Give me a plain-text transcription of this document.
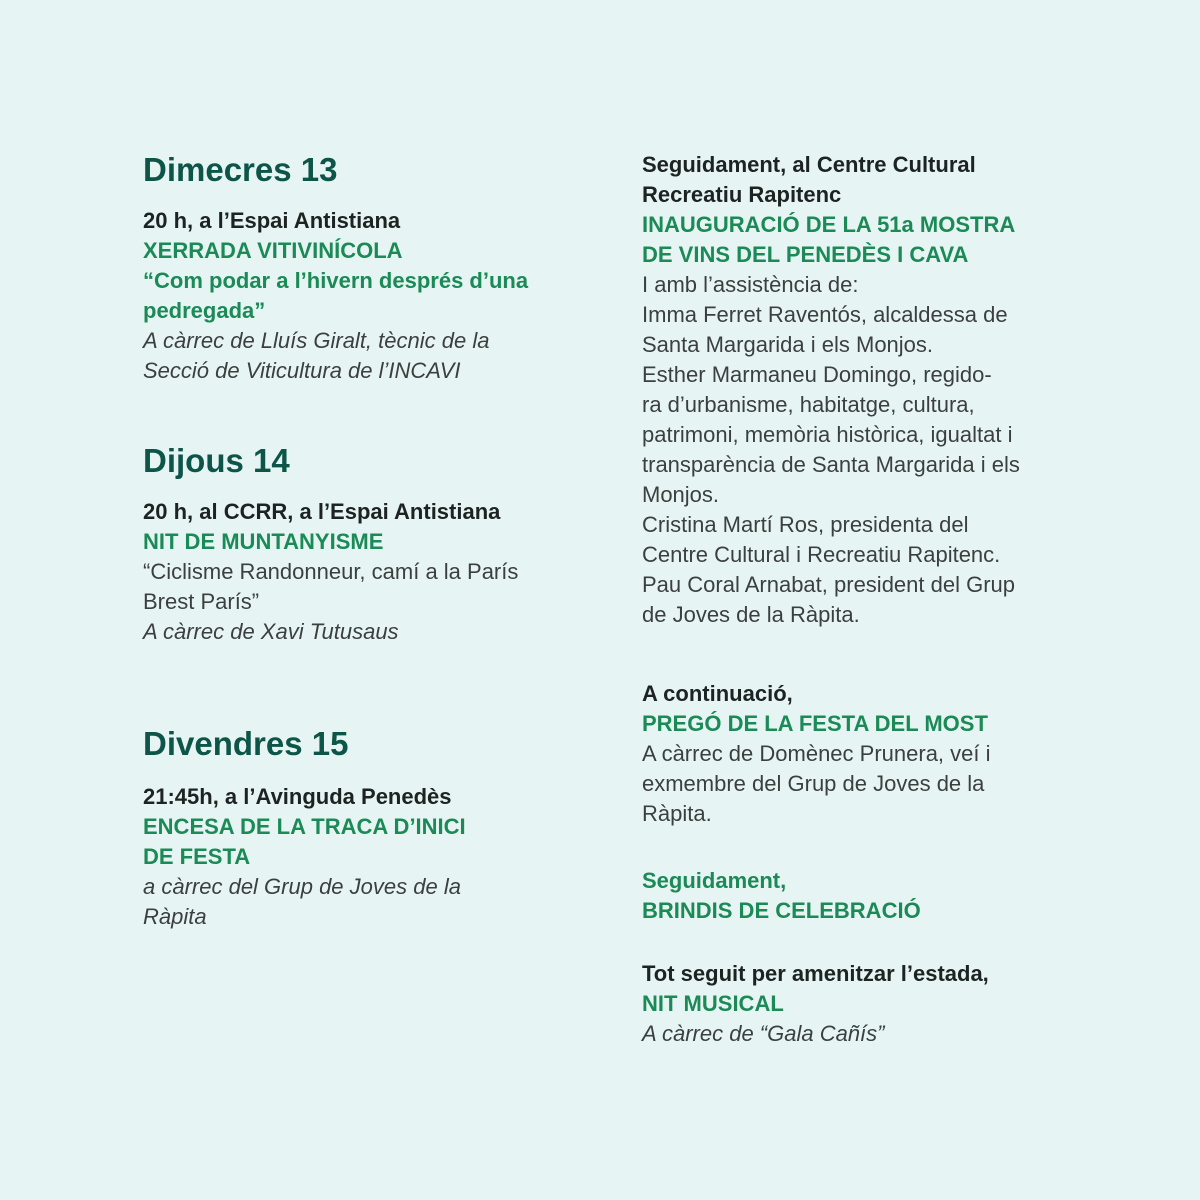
Dimecres 13
20 h, a l’Espai Antistiana
XERRADA VITIVINÍCOLA
“Com podar a l’hivern després d’una
pedregada”
A càrrec de Lluís Giralt, tècnic de la
Secció de Viticultura de l’INCAVI
Dijous 14
20 h, al CCRR, a l’Espai Antistiana
NIT DE MUNTANYISME
“Ciclisme Randonneur, camí a la París
Brest París”
A càrrec de Xavi Tutusaus
Divendres 15
21:45h, a l’Avinguda Penedès
ENCESA DE LA TRACA D’INICI
DE FESTA
a càrrec del Grup de Joves de la
Ràpita
Seguidament, al Centre Cultural
Recreatiu Rapitenc
INAUGURACIÓ DE LA 51a MOSTRA
DE VINS DEL PENEDÈS I CAVA
I amb l’assistència de:
Imma Ferret Raventós, alcaldessa de
Santa Margarida i els Monjos.
Esther Marmaneu Domingo, regido-
ra d’urbanisme, habitatge, cultura,
patrimoni, memòria històrica, igualtat i
transparència de Santa Margarida i els
Monjos.
Cristina Martí Ros, presidenta del
Centre Cultural i Recreatiu Rapitenc.
Pau Coral Arnabat, president del Grup
de Joves de la Ràpita.
A continuació,
PREGÓ DE LA FESTA DEL MOST
A càrrec de Domènec Prunera, veí i
exmembre del Grup de Joves de la
Ràpita.
Seguidament,
BRINDIS DE CELEBRACIÓ
Tot seguit per amenitzar l’estada,
NIT MUSICAL
A càrrec de “Gala Cañís”
